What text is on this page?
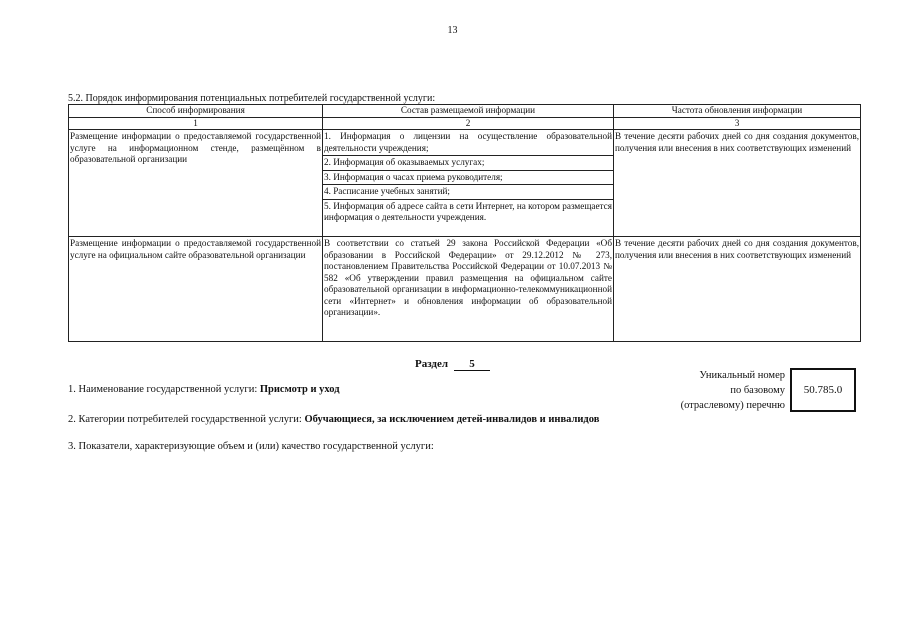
13
5.2. Порядок информирования потенциальных потребителей государственной услуги:
Способ информирования	Состав размещаемой информации	Частота обновления информации
1	2	3
Размещение информации о предоставляемой государственной услуге на информационном стенде, размещённом в образовательной организации	1. Информация о лицензии на осуществление образовательной деятельности учреждения;
2. Информация об оказываемых услугах;
3. Информация о часах приема руководителя;
4. Расписание учебных занятий;
5. Информация об адресе сайта в сети Интернет, на котором размещается информация о деятельности учреждения.	В течение десяти рабочих дней со дня создания документов, получения или внесения в них соответствующих изменений
Размещение информации о предоставляемой государственной услуге на официальном сайте образовательной организации	В соответствии со статьей 29 закона Российской Федерации «Об образовании в Российской Федерации» от 29.12.2012 № 273, постановлением Правительства Российской Федерации от 10.07.2013 № 582 «Об утверждении правил размещения на официальном сайте образовательной организации в информационно-телекоммуникационной сети «Интернет» и обновления информации об образовательной организации».	В течение десяти рабочих дней со дня создания документов, получения или внесения в них соответствующих изменений
Раздел 5
Уникальный номер
по базовому
(отраслевому) перечню
50.785.0
1. Наименование государственной услуги: Присмотр и уход
2. Категории потребителей государственной услуги: Обучающиеся, за исключением детей-инвалидов и инвалидов
3. Показатели, характеризующие объем и (или) качество государственной услуги:
